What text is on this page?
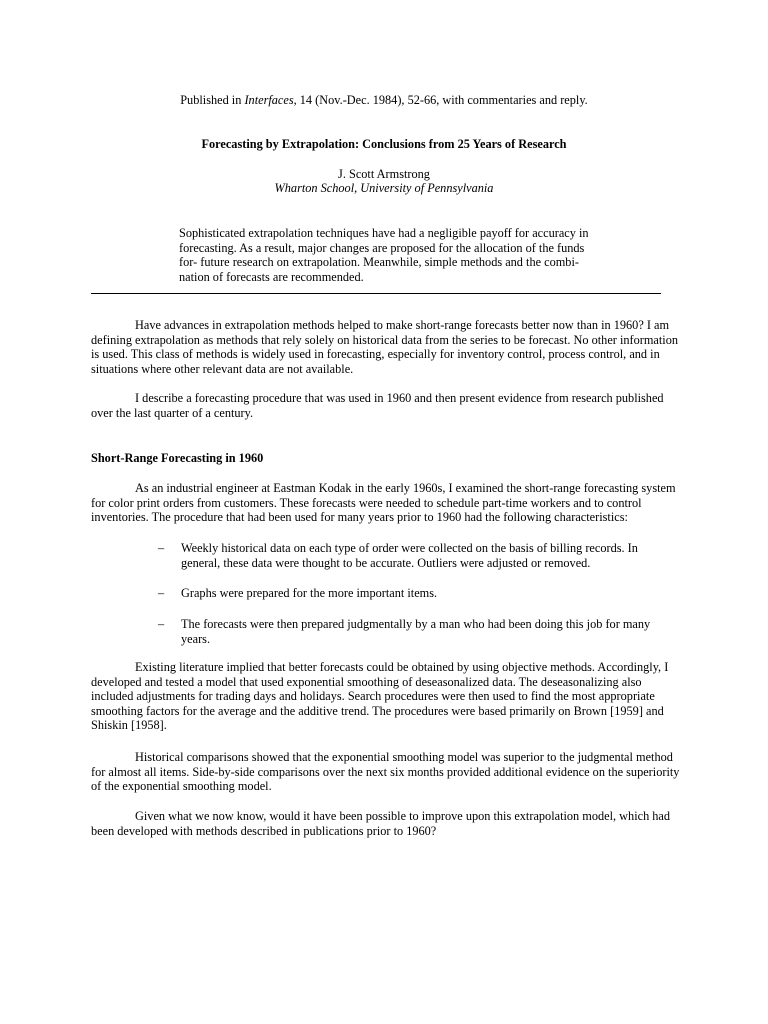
Published in Interfaces, 14 (Nov.-Dec. 1984), 52-66, with commentaries and reply.
Forecasting by Extrapolation: Conclusions from 25 Years of Research
J. Scott Armstrong
Wharton School, University of Pennsylvania

Sophisticated extrapolation techniques have had a negligible payoff for accuracy in forecasting. As a result, major changes are proposed for the allocation of the funds for- future research on extrapolation. Meanwhile, simple methods and the combi-nation of forecasts are recommended.

Have advances in extrapolation methods helped to make short-range forecasts better now than in 1960? I am defining extrapolation as methods that rely solely on historical data from the series to be forecast. No other information is used. This class of methods is widely used in forecasting, especially for inventory control, process control, and in situations where other relevant data are not available.

I describe a forecasting procedure that was used in 1960 and then present evidence from research published over the last quarter of a century.

Short-Range Forecasting in 1960

As an industrial engineer at Eastman Kodak in the early 1960s, I examined the short-range forecasting system for color print orders from customers. These forecasts were needed to schedule part-time workers and to control inventories. The procedure that had been used for many years prior to 1960 had the following characteristics:

– Weekly historical data on each type of order were collected on the basis of billing records. In general, these data were thought to be accurate. Outliers were adjusted or removed.
– Graphs were prepared for the more important items.
– The forecasts were then prepared judgmentally by a man who had been doing this job for many years.

Existing literature implied that better forecasts could be obtained by using objective methods. Accordingly, I developed and tested a model that used exponential smoothing of deseasonalized data. The deseasonalizing also included adjustments for trading days and holidays. Search procedures were then used to find the most appropriate smoothing factors for the average and the additive trend. The procedures were based primarily on Brown [1959] and Shiskin [1958].

Historical comparisons showed that the exponential smoothing model was superior to the judgmental method for almost all items. Side-by-side comparisons over the next six months provided additional evidence on the superiority of the exponential smoothing model.

Given what we now know, would it have been possible to improve upon this extrapolation model, which had been developed with methods described in publications prior to 1960?
